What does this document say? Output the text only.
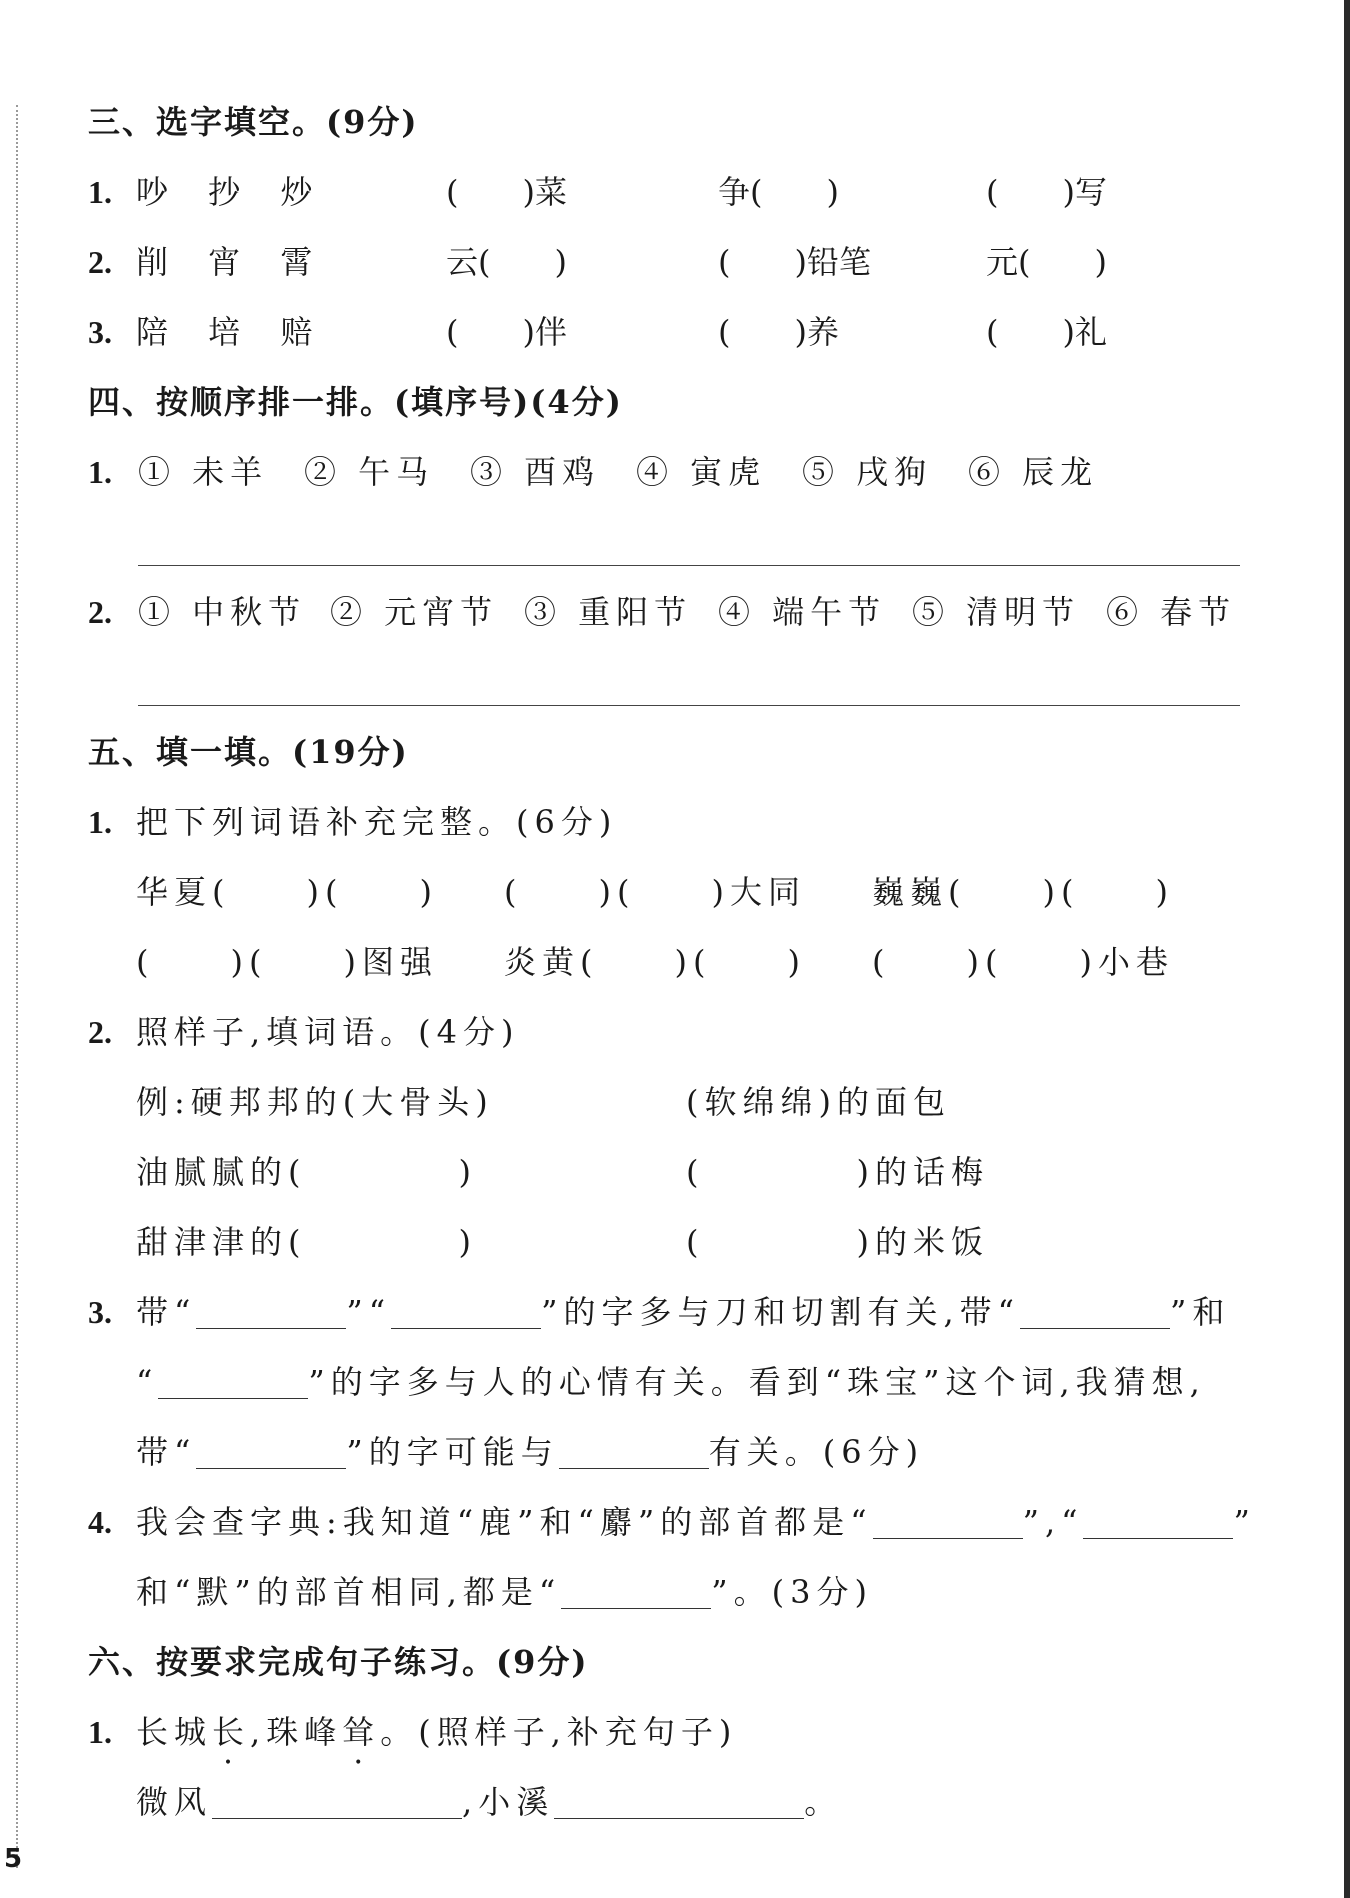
三、选字填空。(9分)
1. 吵 抄 炒	(　　)菜	争(　　)	(　　)写
2. 削 宵 霄	云(　　)	(　　)铅笔	元(　　)
3. 陪 培 赔	(　　)伴	(　　)养	(　　)礼
四、按顺序排一排。(填序号)(4分)
1. ① 未羊 ② 午马 ③ 酉鸡 ④ 寅虎 ⑤ 戌狗 ⑥ 辰龙
2. ① 中秋节 ② 元宵节 ③ 重阳节 ④ 端午节 ⑤ 清明节 ⑥ 春节
五、填一填。(19分)
1. 把下列词语补充完整。(6分)
华夏(　　)(　　) (　　)(　　)大同 巍巍(　　)(　　)
(　　)(　　)图强 炎黄(　　)(　　) (　　)(　　)小巷
2. 照样子,填词语。(4分)
例:硬邦邦的(大骨头)	(软绵绵)的面包
油腻腻的(　　　　)	(　　　　)的话梅
甜津津的(　　　　)	(　　　　)的米饭
3. 带“	”“	”的字多与刀和切割有关,带“	”和
“	”的字多与人的心情有关。看到“珠宝”这个词,我猜想,
带“	”的字可能与	有关。(6分)
4. 我会查字典:我知道“鹿”和“麝”的部首都是“	”,“	”
和“默”的部首相同,都是“	”。(3分)
六、按要求完成句子练习。(9分)
1. 长城长,珠峰耸。(照样子,补充句子)
微风	,小溪	。
5
